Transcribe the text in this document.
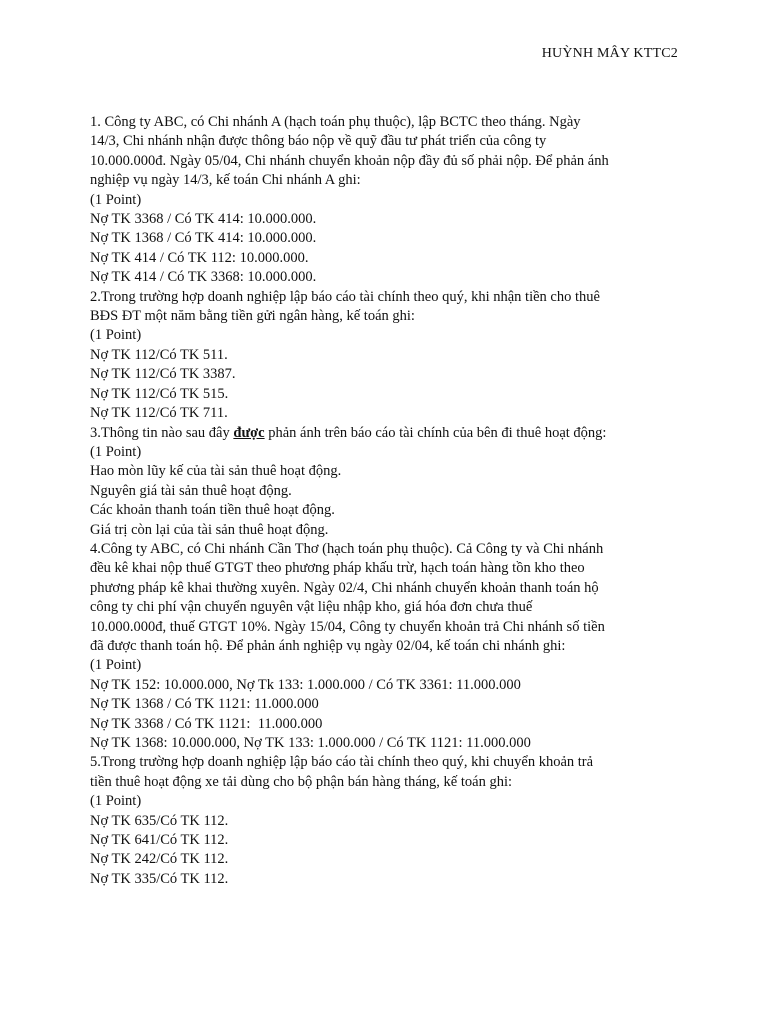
HUỲNH MÂY KTTC2
1. Công ty ABC, có Chi nhánh A (hạch toán phụ thuộc), lập BCTC theo tháng. Ngày
14/3, Chi nhánh nhận được thông báo nộp về quỹ đầu tư phát triển của công ty
10.000.000đ. Ngày 05/04, Chi nhánh chuyển khoản nộp đầy đủ số phải nộp. Để phản ánh
nghiệp vụ ngày 14/3, kế toán Chi nhánh A ghi:
(1 Point)
Nợ TK 3368 / Có TK 414: 10.000.000.
Nợ TK 1368 / Có TK 414: 10.000.000.
Nợ TK 414 / Có TK 112: 10.000.000.
Nợ TK 414 / Có TK 3368: 10.000.000.
2.Trong trường hợp doanh nghiệp lập báo cáo tài chính theo quý, khi nhận tiền cho thuê
BĐS ĐT một năm bằng tiền gửi ngân hàng, kế toán ghi:
(1 Point)
Nợ TK 112/Có TK 511.
Nợ TK 112/Có TK 3387.
Nợ TK 112/Có TK 515.
Nợ TK 112/Có TK 711.
3.Thông tin nào sau đây được phản ánh trên báo cáo tài chính của bên đi thuê hoạt động:
(1 Point)
Hao mòn lũy kế của tài sản thuê hoạt động.
Nguyên giá tài sản thuê hoạt động.
Các khoản thanh toán tiền thuê hoạt động.
Giá trị còn lại của tài sản thuê hoạt động.
4.Công ty ABC, có Chi nhánh Cần Thơ (hạch toán phụ thuộc). Cả Công ty và Chi nhánh
đều kê khai nộp thuế GTGT theo phương pháp khấu trừ, hạch toán hàng tồn kho theo
phương pháp kê khai thường xuyên. Ngày 02/4, Chi nhánh chuyển khoản thanh toán hộ
công ty chi phí vận chuyển nguyên vật liệu nhập kho, giá hóa đơn chưa thuế
10.000.000đ, thuế GTGT 10%. Ngày 15/04, Công ty chuyển khoản trả Chi nhánh số tiền
đã được thanh toán hộ. Để phản ánh nghiệp vụ ngày 02/04, kế toán chi nhánh ghi:
(1 Point)
Nợ TK 152: 10.000.000, Nợ Tk 133: 1.000.000 / Có TK 3361: 11.000.000
Nợ TK 1368 / Có TK 1121: 11.000.000
Nợ TK 3368 / Có TK 1121:  11.000.000
Nợ TK 1368: 10.000.000, Nợ TK 133: 1.000.000 / Có TK 1121: 11.000.000
5.Trong trường hợp doanh nghiệp lập báo cáo tài chính theo quý, khi chuyển khoản trả
tiền thuê hoạt động xe tải dùng cho bộ phận bán hàng tháng, kế toán ghi:
(1 Point)
Nợ TK 635/Có TK 112.
Nợ TK 641/Có TK 112.
Nợ TK 242/Có TK 112.
Nợ TK 335/Có TK 112.
